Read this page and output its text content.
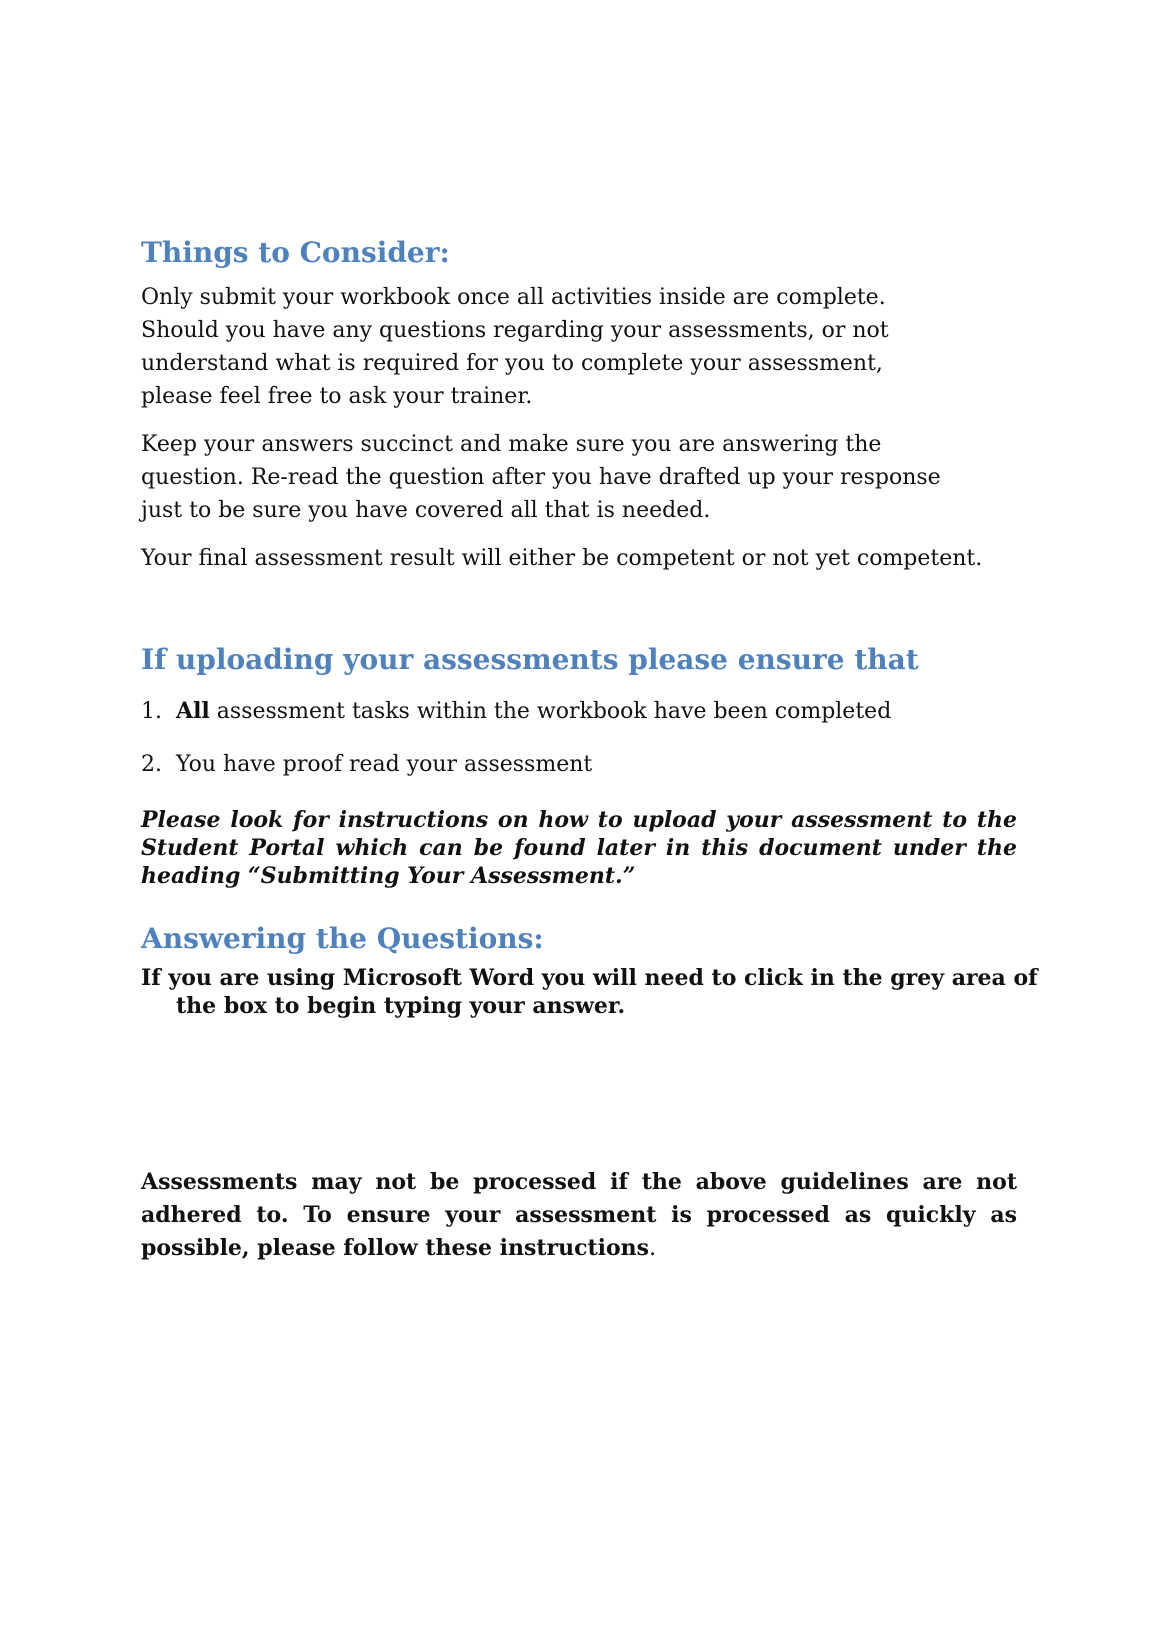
Things to Consider:
Only submit your workbook once all activities inside are complete.
Should you have any questions regarding your assessments, or not
understand what is required for you to complete your assessment,
please feel free to ask your trainer.
Keep your answers succinct and make sure you are answering the
question. Re-read the question after you have drafted up your response
just to be sure you have covered all that is needed.

Your final assessment result will either be competent or not yet competent.

If uploading your assessments please ensure that

1. All assessment tasks within the workbook have been completed

2. You have proof read your assessment

Please look for instructions on how to upload your assessment to the Student Portal which can be found later in this document under the heading “Submitting Your Assessment.”

Answering the Questions:

If you are using Microsoft Word you will need to click in the grey area of the box to begin typing your answer.

Assessments may not be processed if the above guidelines are not adhered to. To ensure your assessment is processed as quickly as possible, please follow these instructions.
